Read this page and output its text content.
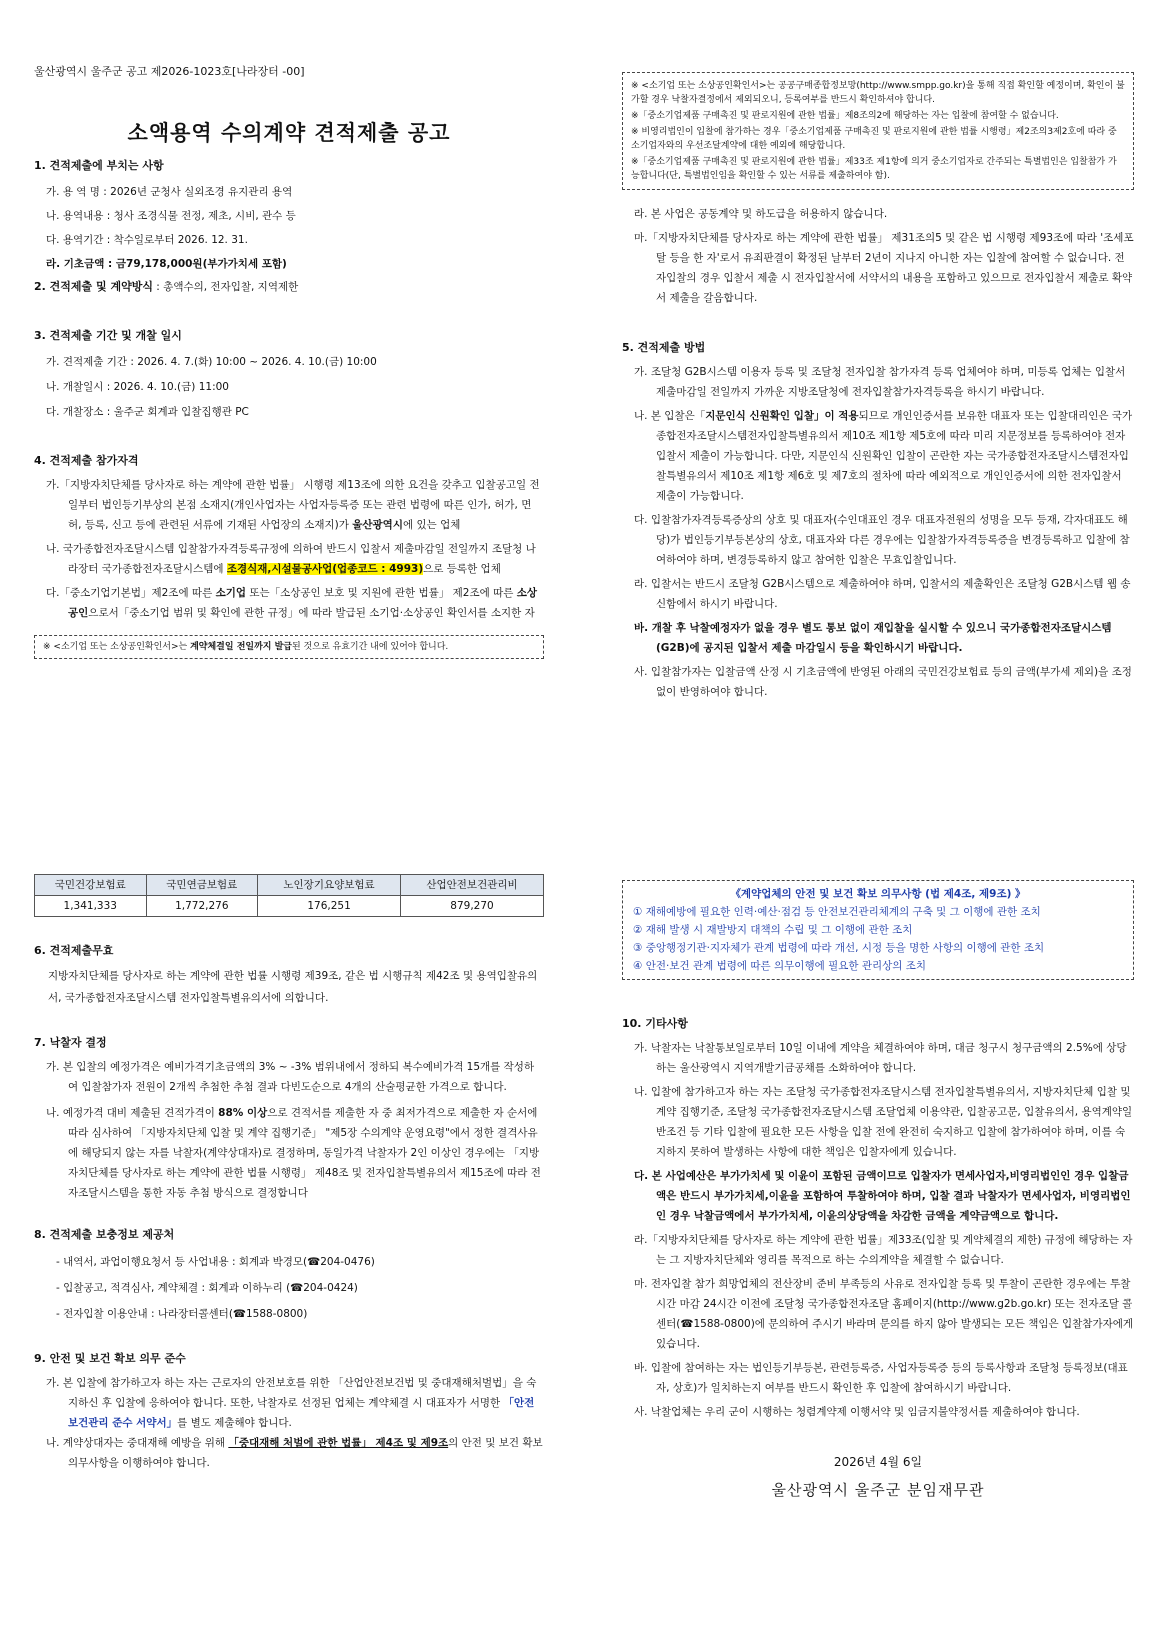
울산광역시 울주군 공고 제2026-1023호[나라장터 -00]
소액용역 수의계약 견적제출 공고

1. 견적제출에 부치는 사항

가. 용 역 명 : 2026년 군청사 실외조경 유지관리 용역

나. 용역내용 : 청사 조경식물 전정, 제초, 시비, 관수 등

다. 용역기간 : 착수일로부터 2026. 12. 31.

라. 기초금액 : 금79,178,000원(부가가치세 포함)

2. 견적제출 및 계약방식 : 총액수의, 전자입찰, 지역제한

3. 견적제출 기간 및 개찰 일시

가. 견적제출 기간 : 2026. 4. 7.(화) 10:00 ~ 2026. 4. 10.(금) 10:00

나. 개찰일시 : 2026. 4. 10.(금) 11:00

다. 개찰장소 : 울주군 회계과 입찰집행관 PC

4. 견적제출 참가자격

가.「지방자치단체를 당사자로 하는 계약에 관한 법률」 시행령 제13조에 의한 요건을 갖추고 입찰공고일 전일부터 법인등기부상의 본점 소재지(개인사업자는 사업자등록증 또는 관련 법령에 따른 인가, 허가, 면허, 등록, 신고 등에 관련된 서류에 기재된 사업장의 소재지)가 울산광역시에 있는 업체

나. 국가종합전자조달시스템 입찰참가자격등록규정에 의하여 반드시 입찰서 제출마감일 전일까지 조달청 나라장터 국가종합전자조달시스템에 조경식재,시설물공사업(업종코드 : 4993)으로 등록한 업체

다.「중소기업기본법」제2조에 따른 소기업 또는「소상공인 보호 및 지원에 관한 법률」 제2조에 따른 소상공인으로서「중소기업 범위 및 확인에 관한 규정」에 따라 발급된 소기업·소상공인 확인서를 소지한 자

※ <소기업 또는 소상공인확인서>는 계약체결일 전일까지 발급된 것으로 유효기간 내에 있어야 합니다.

※ <소기업 또는 소상공인확인서>는 공공구매종합정보망(http://www.smpp.go.kr)을 통해 직접 확인할 예정이며, 확인이 불가할 경우 낙찰자결정에서 제외되오니, 등록여부를 반드시 확인하셔야 합니다.

※「중소기업제품 구매촉진 및 판로지원에 관한 법률」제8조의2에 해당하는 자는 입찰에 참여할 수 없습니다.

※ 비영리법인이 입찰에 참가하는 경우「중소기업제품 구매촉진 및 판로지원에 관한 법률 시행령」제2조의3제2호에 따라 중소기업자와의 우선조달계약에 대한 예외에 해당합니다.

※「중소기업제품 구매촉진 및 판로지원에 관한 법률」제33조 제1항에 의거 중소기업자로 간주되는 특별법인은 입찰참가 가능합니다(단, 특별법인임을 확인할 수 있는 서류를 제출하여야 함).

라. 본 사업은 공동계약 및 하도급을 허용하지 않습니다.

마.「지방자치단체를 당사자로 하는 계약에 관한 법률」 제31조의5 및 같은 법 시행령 제93조에 따라 '조세포탈 등을 한 자'로서 유죄판결이 확정된 날부터 2년이 지나지 아니한 자는 입찰에 참여할 수 없습니다. 전자입찰의 경우 입찰서 제출 시 전자입찰서에 서약서의 내용을 포함하고 있으므로 전자입찰서 제출로 확약서 제출을 갈음합니다.

5. 견적제출 방법

가. 조달청 G2B시스템 이용자 등록 및 조달청 전자입찰 참가자격 등록 업체여야 하며, 미등록 업체는 입찰서 제출마감일 전일까지 가까운 지방조달청에 전자입찰참가자격등록을 하시기 바랍니다.

나. 본 입찰은「지문인식 신원확인 입찰」이 적용되므로 개인인증서를 보유한 대표자 또는 입찰대리인은 국가종합전자조달시스템전자입찰특별유의서 제10조 제1항 제5호에 따라 미리 지문정보를 등록하여야 전자입찰서 제출이 가능합니다. 다만, 지문인식 신원확인 입찰이 곤란한 자는 국가종합전자조달시스템전자입찰특별유의서 제10조 제1항 제6호 및 제7호의 절차에 따라 예외적으로 개인인증서에 의한 전자입찰서 제출이 가능합니다.

다. 입찰참가자격등록증상의 상호 및 대표자(수인대표인 경우 대표자전원의 성명을 모두 등재, 각자대표도 해당)가 법인등기부등본상의 상호, 대표자와 다른 경우에는 입찰참가자격등록증을 변경등록하고 입찰에 참여하여야 하며, 변경등록하지 않고 참여한 입찰은 무효입찰입니다.

라. 입찰서는 반드시 조달청 G2B시스템으로 제출하여야 하며, 입찰서의 제출확인은 조달청 G2B시스템 웹 송신함에서 하시기 바랍니다.

바. 개찰 후 낙찰예정자가 없을 경우 별도 통보 없이 재입찰을 실시할 수 있으니 국가종합전자조달시스템(G2B)에 공지된 입찰서 제출 마감일시 등을 확인하시기 바랍니다.

사. 입찰참가자는 입찰금액 산정 시 기초금액에 반영된 아래의 국민건강보험료 등의 금액(부가세 제외)을 조정없이 반영하여야 합니다.

국민건강보험료	국민연금보험료	노인장기요양보험료	산업안전보건관리비
1,341,333	1,772,276	176,251	879,270

6. 견적제출무효

지방자치단체를 당사자로 하는 계약에 관한 법률 시행령 제39조, 같은 법 시행규칙 제42조 및 용역입찰유의서, 국가종합전자조달시스템 전자입찰특별유의서에 의합니다.

7. 낙찰자 결정

가. 본 입찰의 예정가격은 예비가격기초금액의 3% ~ -3% 범위내에서 정하되 복수예비가격 15개를 작성하여 입찰참가자 전원이 2개씩 추첨한 추첨 결과 다빈도순으로 4개의 산술평균한 가격으로 합니다.

나. 예정가격 대비 제출된 견적가격이 88% 이상으로 견적서를 제출한 자 중 최저가격으로 제출한 자 순서에 따라 심사하여 「지방자치단체 입찰 및 계약 집행기준」 "제5장 수의계약 운영요령"에서 정한 결격사유에 해당되지 않는 자를 낙찰자(계약상대자)로 결정하며, 동일가격 낙찰자가 2인 이상인 경우에는 「지방자치단체를 당사자로 하는 계약에 관한 법률 시행령」 제48조 및 전자입찰특별유의서 제15조에 따라 전자조달시스템을 통한 자동 추첨 방식으로 결정합니다

8. 견적제출 보충정보 제공처

- 내역서, 과업이행요청서 등 사업내용 : 회계과 박경모(☎204-0476)

- 입찰공고, 적격심사, 계약체결 : 회계과 이하누리 (☎204-0424)

- 전자입찰 이용안내 : 나라장터콜센터(☎1588-0800)

9. 안전 및 보건 확보 의무 준수

가. 본 입찰에 참가하고자 하는 자는 근로자의 안전보호를 위한 「산업안전보건법 및 중대재해처벌법」을 숙지하신 후 입찰에 응하여야 합니다. 또한, 낙찰자로 선정된 업체는 계약체결 시 대표자가 서명한 「안전보건관리 준수 서약서」를 별도 제출해야 합니다.

나. 계약상대자는 중대재해 예방을 위해 「중대재해 처벌에 관한 법률」 제4조 및 제9조의 안전 및 보건 확보 의무사항을 이행하여야 합니다.

《계약업체의 안전 및 보건 확보 의무사항 (법 제4조, 제9조) 》
① 재해예방에 필요한 인력·예산·점검 등 안전보건관리체계의 구축 및 그 이행에 관한 조치
② 재해 발생 시 재발방지 대책의 수립 및 그 이행에 관한 조치
③ 중앙행정기관·지자체가 관계 법령에 따라 개선, 시정 등을 명한 사항의 이행에 관한 조치
④ 안전·보건 관계 법령에 따른 의무이행에 필요한 관리상의 조치

10. 기타사항

가. 낙찰자는 낙찰통보일로부터 10일 이내에 계약을 체결하여야 하며, 대금 청구시 청구금액의 2.5%에 상당하는 울산광역시 지역개발기금공채를 소화하여야 합니다.

나. 입찰에 참가하고자 하는 자는 조달청 국가종합전자조달시스템 전자입찰특별유의서, 지방자치단체 입찰 및 계약 집행기준, 조달청 국가종합전자조달시스템 조달업체 이용약관, 입찰공고문, 입찰유의서, 용역계약일반조건 등 기타 입찰에 필요한 모든 사항을 입찰 전에 완전히 숙지하고 입찰에 참가하여야 하며, 이를 숙지하지 못하여 발생하는 사항에 대한 책임은 입찰자에게 있습니다.

다. 본 사업예산은 부가가치세 및 이윤이 포함된 금액이므로 입찰자가 면세사업자,비영리법인인 경우 입찰금액은 반드시 부가가치세,이윤을 포함하여 투찰하여야 하며, 입찰 결과 낙찰자가 면세사업자, 비영리법인인 경우 낙찰금액에서 부가가치세, 이윤의상당액을 차감한 금액을 계약금액으로 합니다.

라.「지방자치단체를 당사자로 하는 계약에 관한 법률」제33조(입찰 및 계약체결의 제한) 규정에 해당하는 자는 그 지방자치단체와 영리를 목적으로 하는 수의계약을 체결할 수 없습니다.

마. 전자입찰 참가 희망업체의 전산장비 준비 부족등의 사유로 전자입찰 등록 및 투찰이 곤란한 경우에는 투찰시간 마감 24시간 이전에 조달청 국가종합전자조달 홈페이지(http://www.g2b.go.kr) 또는 전자조달 콜센터(☎1588-0800)에 문의하여 주시기 바라며 문의를 하지 않아 발생되는 모든 책임은 입찰참가자에게 있습니다.

바. 입찰에 참여하는 자는 법인등기부등본, 관련등록증, 사업자등록증 등의 등록사항과 조달청 등록정보(대표자, 상호)가 일치하는지 여부를 반드시 확인한 후 입찰에 참여하시기 바랍니다.

사. 낙찰업체는 우리 군이 시행하는 청렴계약제 이행서약 및 임금지불약정서를 제출하여야 합니다.

2026년 4월 6일
울산광역시 울주군 분임재무관
